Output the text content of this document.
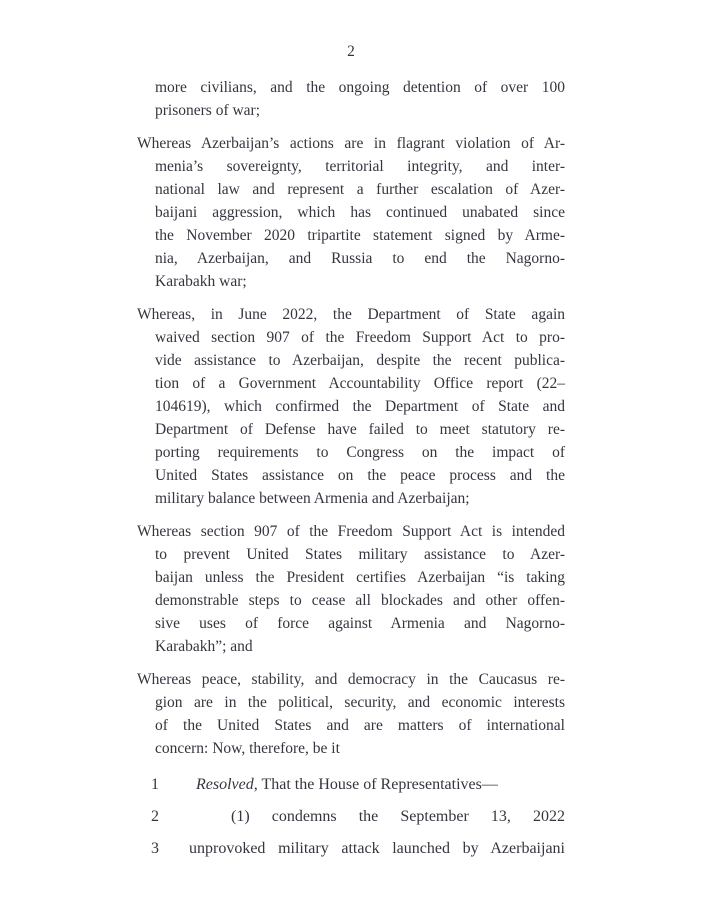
2
more civilians, and the ongoing detention of over 100
prisoners of war;
Whereas Azerbaijan’s actions are in flagrant violation of Ar-
menia’s sovereignty, territorial integrity, and inter-
national law and represent a further escalation of Azer-
baijani aggression, which has continued unabated since
the November 2020 tripartite statement signed by Arme-
nia, Azerbaijan, and Russia to end the Nagorno-
Karabakh war;
Whereas, in June 2022, the Department of State again
waived section 907 of the Freedom Support Act to pro-
vide assistance to Azerbaijan, despite the recent publica-
tion of a Government Accountability Office report (22–
104619), which confirmed the Department of State and
Department of Defense have failed to meet statutory re-
porting requirements to Congress on the impact of
United States assistance on the peace process and the
military balance between Armenia and Azerbaijan;
Whereas section 907 of the Freedom Support Act is intended
to prevent United States military assistance to Azer-
baijan unless the President certifies Azerbaijan “is taking
demonstrable steps to cease all blockades and other offen-
sive uses of force against Armenia and Nagorno-
Karabakh”; and
Whereas peace, stability, and democracy in the Caucasus re-
gion are in the political, security, and economic interests
of the United States and are matters of international
concern: Now, therefore, be it
1	Resolved, That the House of Representatives—
2	(1) condemns the September 13, 2022
3	unprovoked military attack launched by Azerbaijani
